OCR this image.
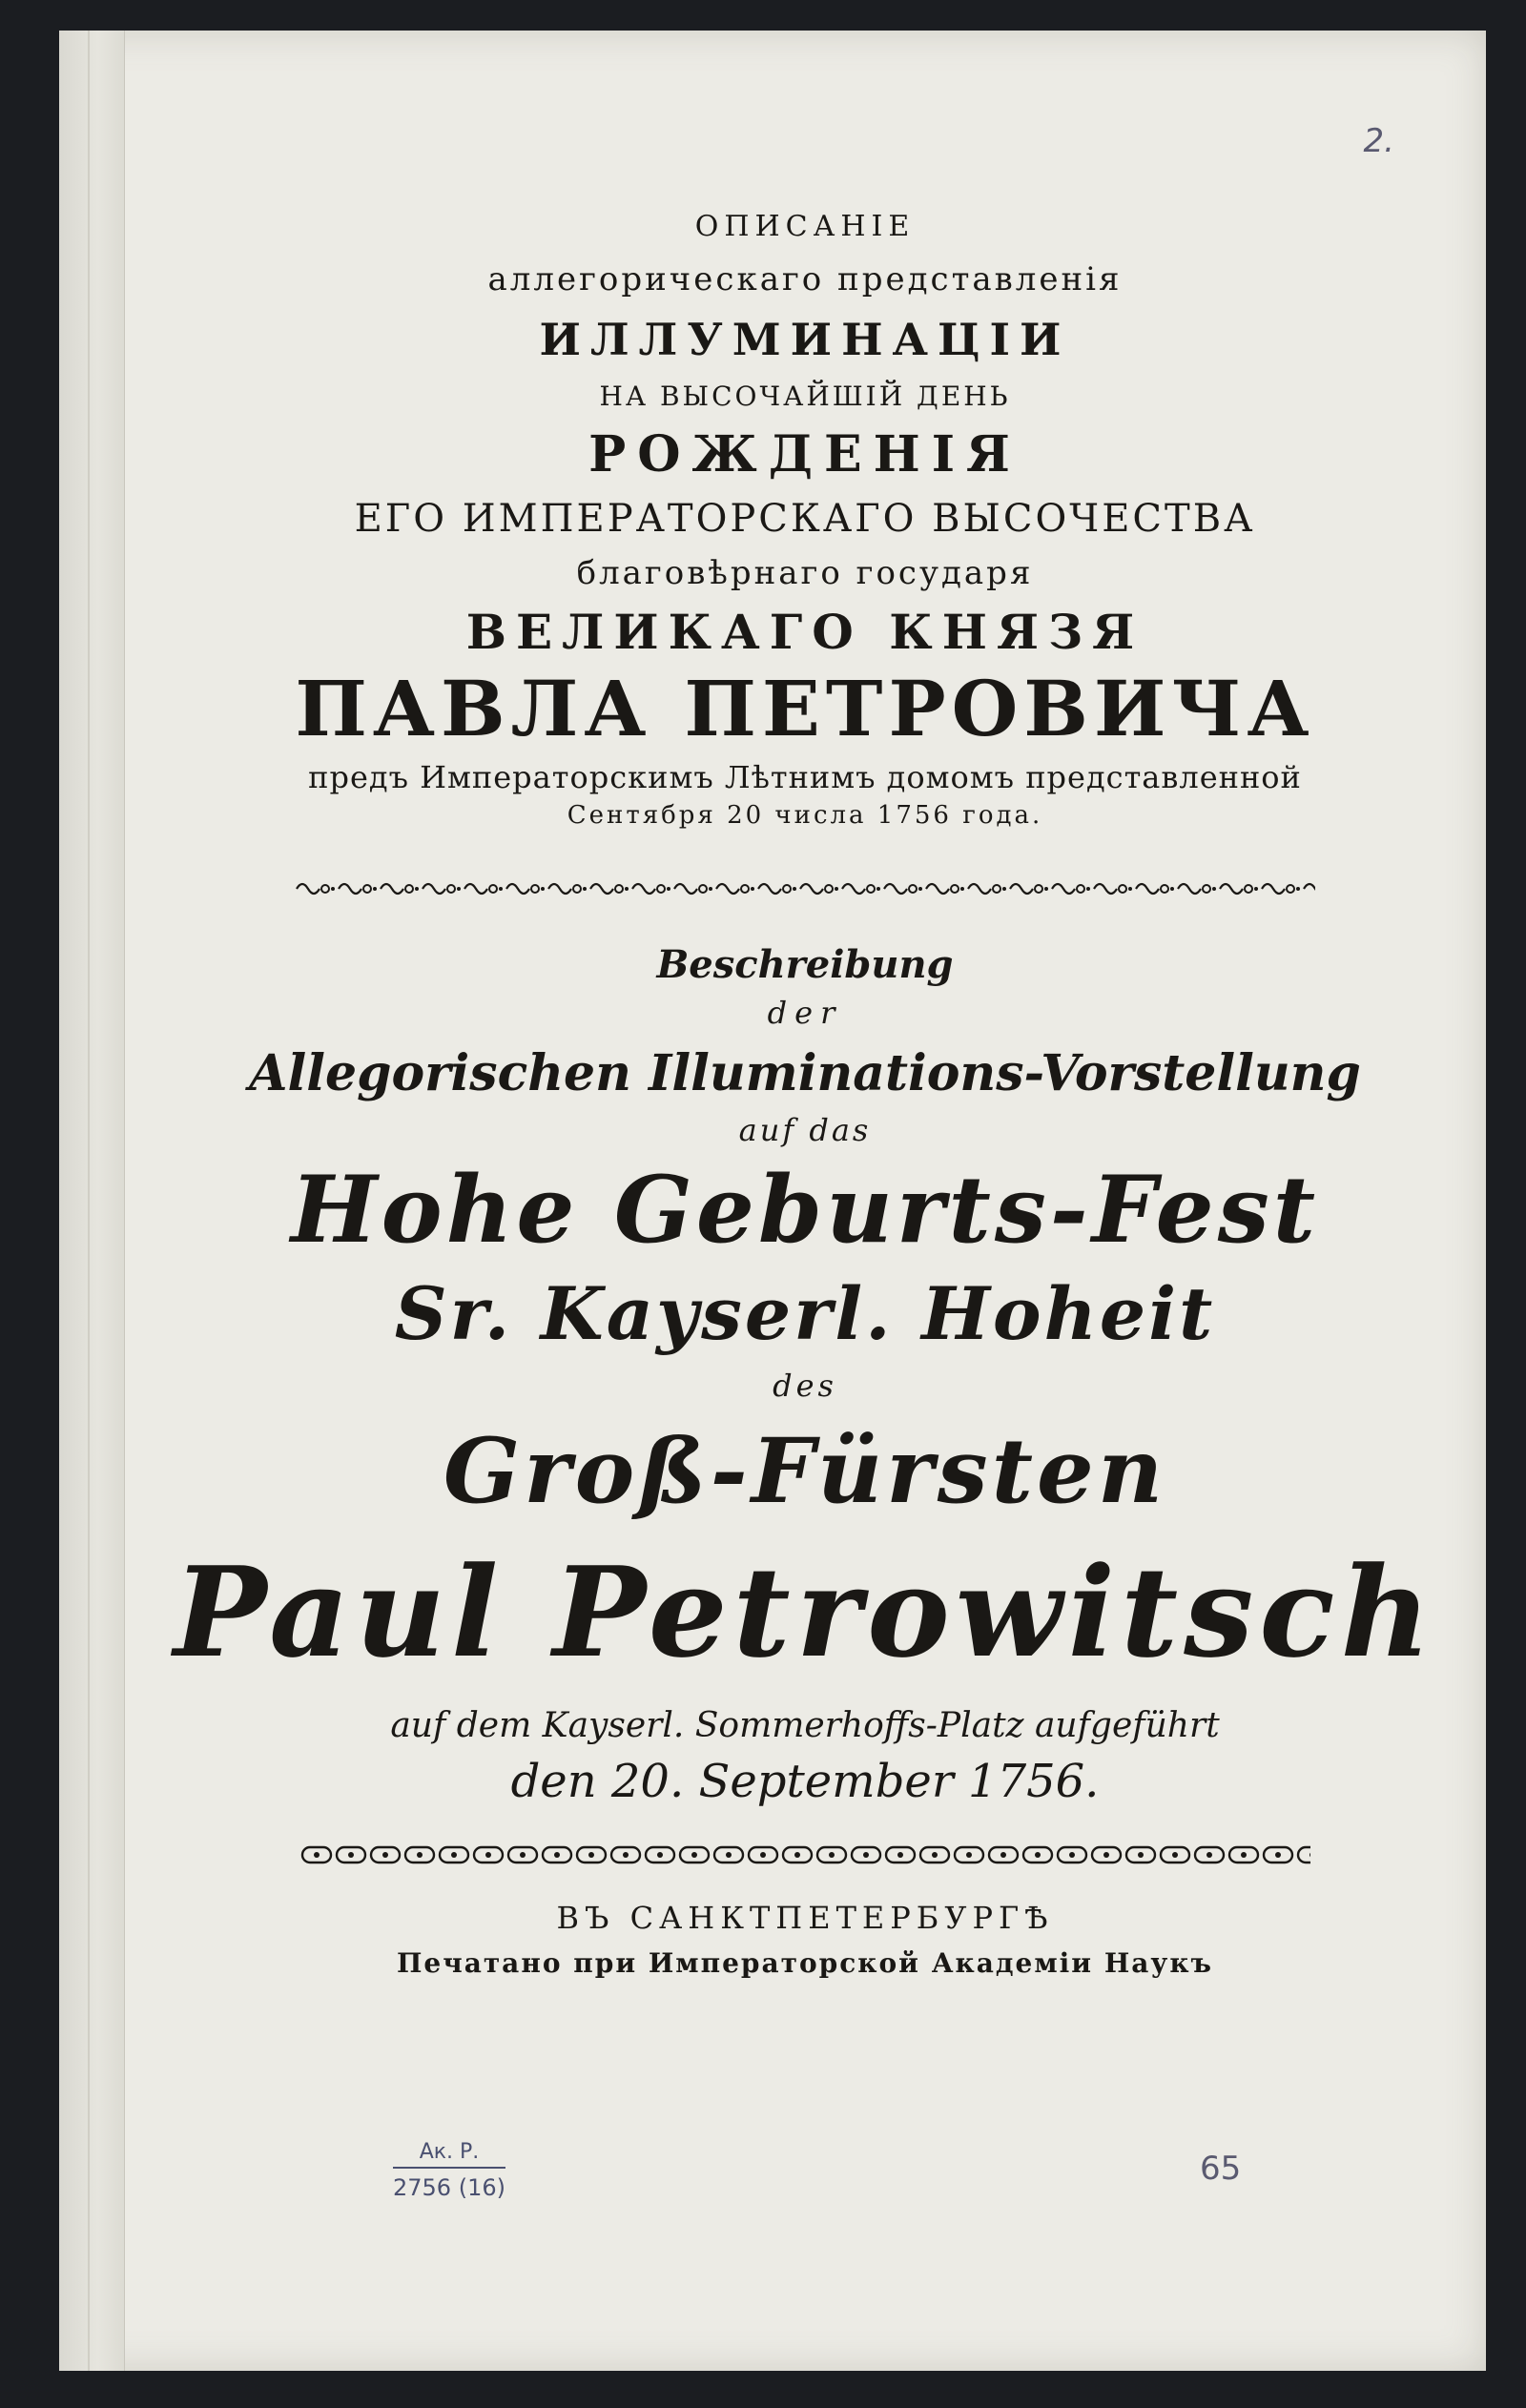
2.
ОПИСАНІЕ
аллегорическаго представленія
ИЛЛУМИНАЦІИ
НА ВЫСОЧАЙШІЙ ДЕНЬ
РОЖДЕНІЯ
ЕГО ИМПЕРАТОРСКАГО ВЫСОЧЕСТВА
благовѣрнаго государя
ВЕЛИКАГО КНЯЗЯ
ПАВЛА ПЕТРОВИЧА
предъ Императорскимъ Лѣтнимъ домомъ представленной
Сентября 20 числа 1756 года.
Beschreibung
der
Allegorischen Illuminations-Vorstellung
auf das
Hohe Geburts-Fest
Sr. Kayserl. Hoheit
des
Groß-Fürsten
Paul Petrowitsch
auf dem Kayserl. Sommerhoffs-Platz aufgeführt
den 20. September 1756.
ВЪ САНКТПЕТЕРБУРГѢ
Печатано при Императорской Академіи Наукъ
Ак. Р.
2756 (16)	65
